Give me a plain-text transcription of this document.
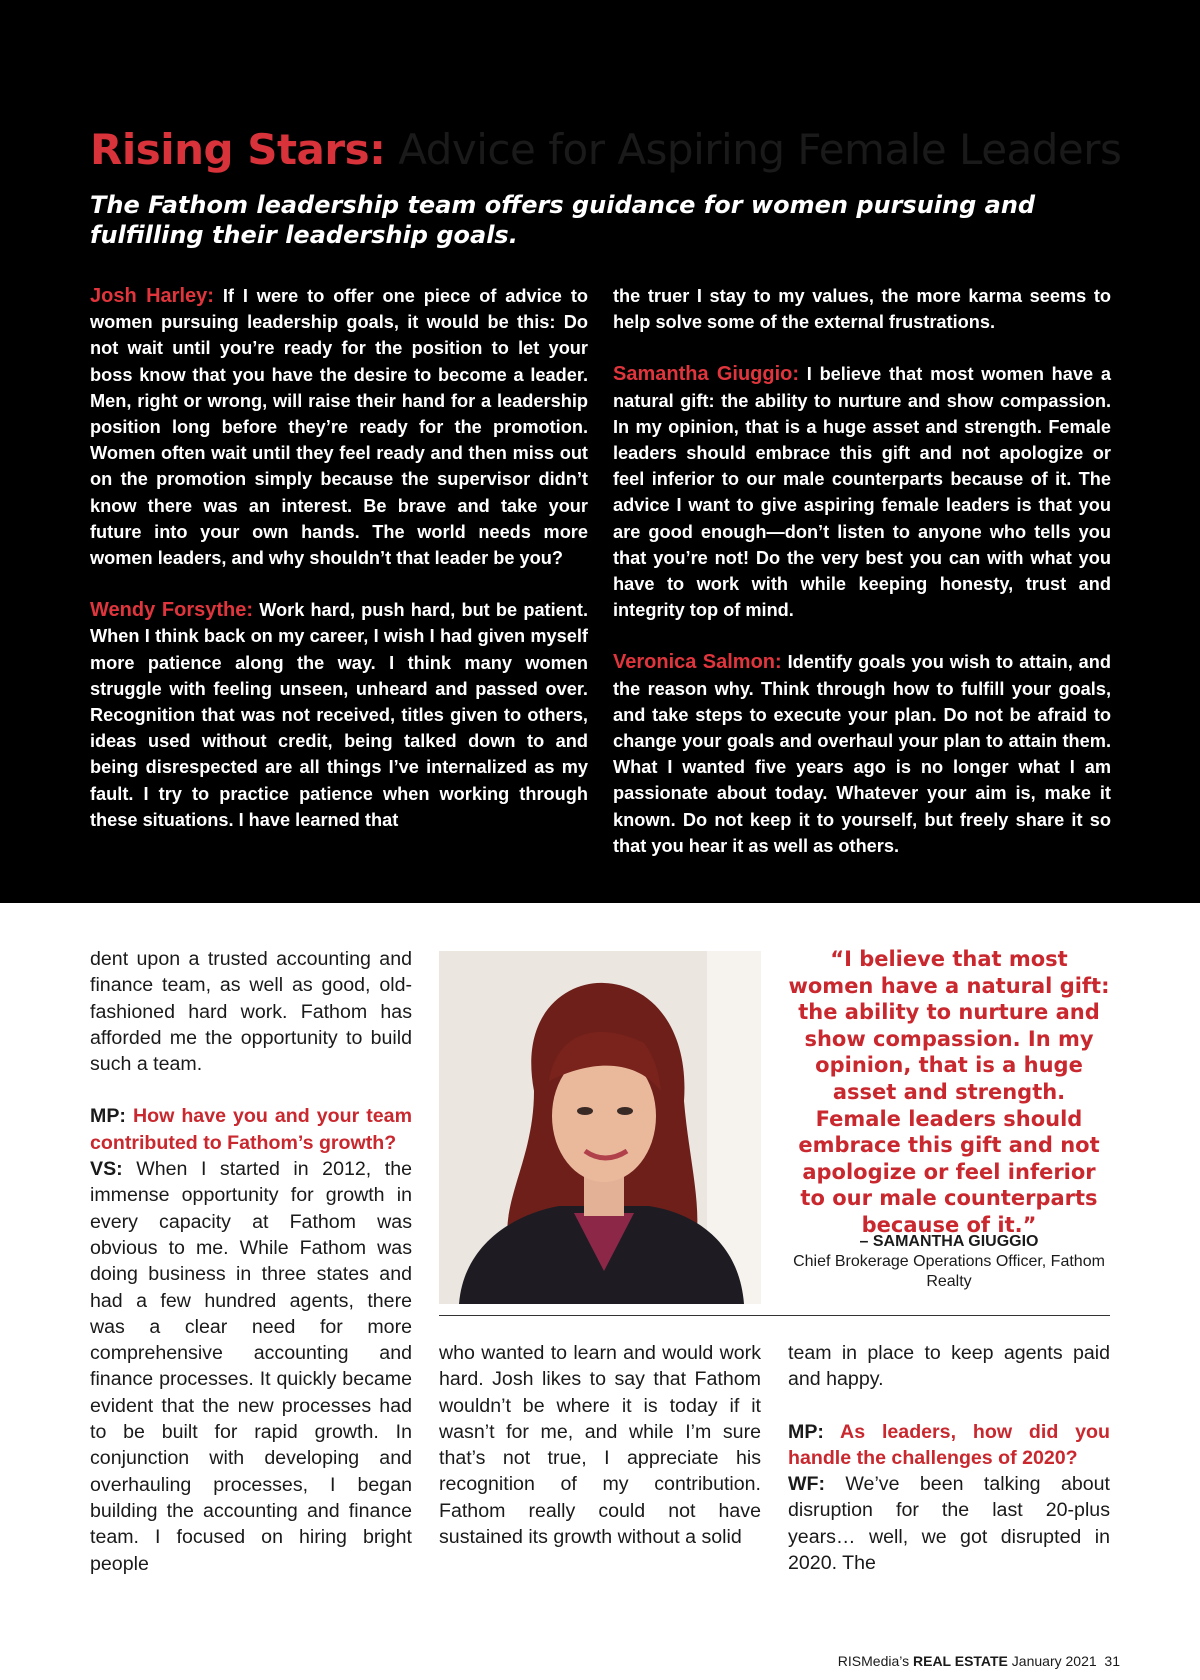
Rising Stars: Advice for Aspiring Female Leaders

The Fathom leadership team offers guidance for women pursuing and fulfilling their leadership goals.

Josh Harley: If I were to offer one piece of advice to women pursuing leadership goals, it would be this: Do not wait until you’re ready for the position to let your boss know that you have the desire to become a leader. Men, right or wrong, will raise their hand for a leadership position long before they’re ready for the promotion. Women often wait until they feel ready and then miss out on the promotion simply because the supervisor didn’t know there was an interest. Be brave and take your future into your own hands. The world needs more women leaders, and why shouldn’t that leader be you?

Wendy Forsythe: Work hard, push hard, but be patient. When I think back on my career, I wish I had given myself more patience along the way. I think many women struggle with feeling unseen, unheard and passed over. Recognition that was not received, titles given to others, ideas used without credit, being talked down to and being disrespected are all things I’ve internalized as my fault. I try to practice patience when working through these situations. I have learned that

the truer I stay to my values, the more karma seems to help solve some of the external frustrations.

Samantha Giuggio: I believe that most women have a natural gift: the ability to nurture and show compassion. In my opinion, that is a huge asset and strength. Female leaders should embrace this gift and not apologize or feel inferior to our male counterparts because of it. The advice I want to give aspiring female leaders is that you are good enough—don’t listen to anyone who tells you that you’re not! Do the very best you can with what you have to work with while keeping honesty, trust and integrity top of mind.

Veronica Salmon: Identify goals you wish to attain, and the reason why. Think through how to fulfill your goals, and take steps to execute your plan. Do not be afraid to change your goals and overhaul your plan to attain them. What I wanted five years ago is no longer what I am passionate about today. Whatever your aim is, make it known. Do not keep it to yourself, but freely share it so that you hear it as well as others.

dent upon a trusted accounting and finance team, as well as good, old-fashioned hard work. Fathom has afforded me the opportunity to build such a team.

MP: How have you and your team contributed to Fathom’s growth?

VS: When I started in 2012, the immense opportunity for growth in every capacity at Fathom was obvious to me. While Fathom was doing business in three states and had a few hundred agents, there was a clear need for more comprehensive accounting and finance processes. It quickly became evident that the new processes had to be built for rapid growth. In conjunction with developing and overhauling processes, I began building the accounting and finance team. I focused on hiring bright people

“I believe that most women have a natural gift: the ability to nurture and show compassion. In my opinion, that is a huge asset and strength. Female leaders should embrace this gift and not apologize or feel inferior to our male counterparts because of it.”

– SAMANTHA GIUGGIO
Chief Brokerage Operations Officer, Fathom Realty

who wanted to learn and would work hard. Josh likes to say that Fathom wouldn’t be where it is today if it wasn’t for me, and while I’m sure that’s not true, I appreciate his recognition of my contribution. Fathom really could not have sustained its growth without a solid

team in place to keep agents paid and happy.

MP: As leaders, how did you handle the challenges of 2020?

WF: We’ve been talking about disruption for the last 20-plus years… well, we got disrupted in 2020. The

RISMedia’s REAL ESTATE January 2021 31
